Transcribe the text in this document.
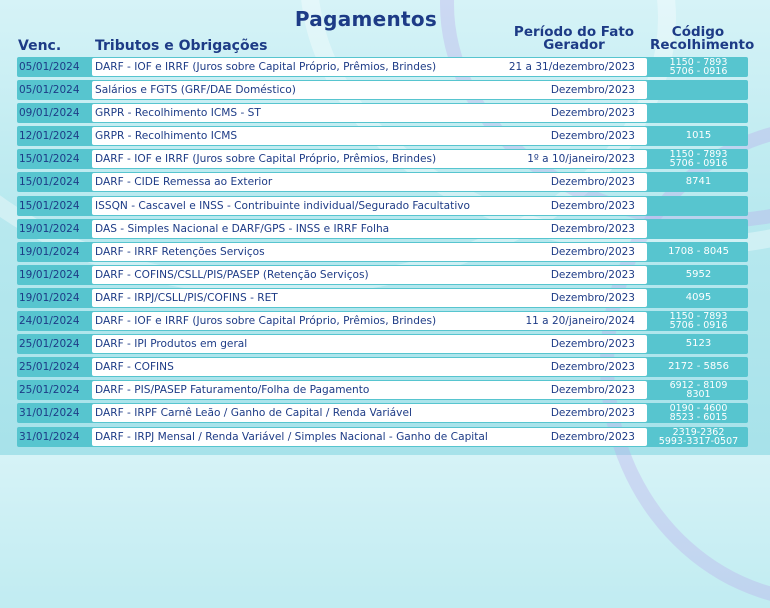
Pagamentos
Venc. Tributos e Obrigações
Período do Fato
Gerador
Código
Recolhimento
05/01/2024	DARF - IOF e IRRF (Juros sobre Capital Próprio, Prêmios, Brindes)	21 a 31/dezembro/2023	1150 - 7893
5706 - 0916
05/01/2024	Salários e FGTS (GRF/DAE Doméstico)	Dezembro/2023
09/01/2024	GRPR - Recolhimento ICMS - ST	Dezembro/2023
12/01/2024	GRPR - Recolhimento ICMS	Dezembro/2023	1015
15/01/2024	DARF - IOF e IRRF (Juros sobre Capital Próprio, Prêmios, Brindes)	1º a 10/janeiro/2023	1150 - 7893
5706 - 0916
15/01/2024	DARF - CIDE Remessa ao Exterior	Dezembro/2023	8741
15/01/2024	ISSQN - Cascavel e INSS - Contribuinte individual/Segurado Facultativo	Dezembro/2023
19/01/2024	DAS - Simples Nacional e DARF/GPS - INSS e IRRF Folha	Dezembro/2023
19/01/2024	DARF - IRRF Retenções Serviços	Dezembro/2023	1708 - 8045
19/01/2024	DARF - COFINS/CSLL/PIS/PASEP (Retenção Serviços)	Dezembro/2023	5952
19/01/2024	DARF - IRPJ/CSLL/PIS/COFINS - RET	Dezembro/2023	4095
24/01/2024	DARF - IOF e IRRF (Juros sobre Capital Próprio, Prêmios, Brindes)	11 a 20/janeiro/2024	1150 - 7893
5706 - 0916
25/01/2024	DARF - IPI Produtos em geral	Dezembro/2023	5123
25/01/2024	DARF - COFINS	Dezembro/2023	2172 - 5856
25/01/2024	DARF - PIS/PASEP Faturamento/Folha de Pagamento	Dezembro/2023	6912 - 8109
8301
31/01/2024	DARF - IRPF Carnê Leão / Ganho de Capital / Renda Variável	Dezembro/2023	0190 - 4600
8523 - 6015
31/01/2024	DARF - IRPJ Mensal / Renda Variável / Simples Nacional - Ganho de Capital	Dezembro/2023	2319-2362
5993-3317-0507
